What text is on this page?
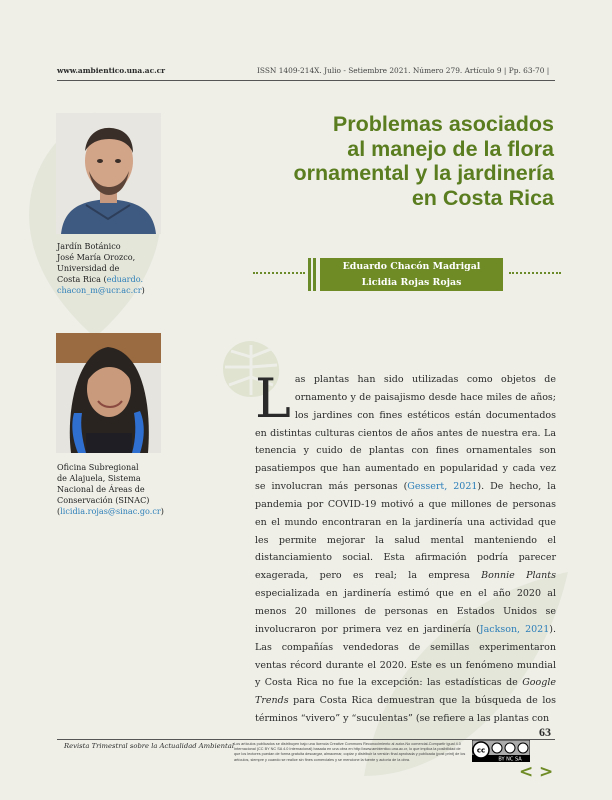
www.ambientico.una.ac.cr	ISSN 1409-214X. Julio - Setiembre 2021. Número 279. Artículo 9 | Pp. 63-70 |
Jardín Botánico
José María Orozco,
Universidad de
Costa Rica (eduardo.
chacon_m@ucr.ac.cr)
Oficina Subregional
de Alajuela, Sistema
Nacional de Áreas de
Conservación (SINAC)
(licidia.rojas@sinac.go.cr)
Problemas asociados
al manejo de la flora
ornamental y la jardinería
en Costa Rica
Eduardo Chacón Madrigal
Licidia Rojas Rojas

Las plantas han sido utilizadas como objetos de ornamento y de paisajismo desde hace miles de años; los jardines con fines estéticos están documentados en distintas culturas cientos de años antes de nuestra era. La tenencia y cuido de plantas con fines ornamentales son pasatiempos que han aumentado en popularidad y cada vez se involucran más personas (Gessert, 2021). De hecho, la pandemia por COVID-19 motivó a que millones de personas en el mundo encontraran en la jardinería una actividad que les permite mejorar la salud mental manteniendo el distanciamiento social. Esta afirmación podría parecer exagerada, pero es real; la empresa Bonnie Plants especializada en jardinería estimó que en el año 2020 al menos 20 millones de personas en Estados Unidos se involucraron por primera vez en jardinería (Jackson, 2021). Las compañías vendedoras de semillas experimentaron ventas récord durante el 2020. Este es un fenómeno mundial y Costa Rica no fue la excepción: las estadísticas de Google Trends para Costa Rica demuestran que la búsqueda de los términos “vivero” y “suculentas” (se refiere a las plantas con

63
Revista Trimestral sobre la Actualidad Ambiental Los artículos publicados se distribuyen bajo una licencia Creative Commons Reconocimiento al autor-No comercial-Compartir igual 4.0 Internacional (CC BY NC SA 4.0 Internacional) basada en una obra en http://www.ambientico.una.ac.cr, lo que implica la posibilidad de que los lectores puedan de forma gratuita descargar, almacenar, copiar y distribuir la versión final aprobada y publicada (post print) de los artículos, siempre y cuando se realice sin fines comerciales y se mencione la fuente y autoría de la obra.
cc
BY NC SA
< >
